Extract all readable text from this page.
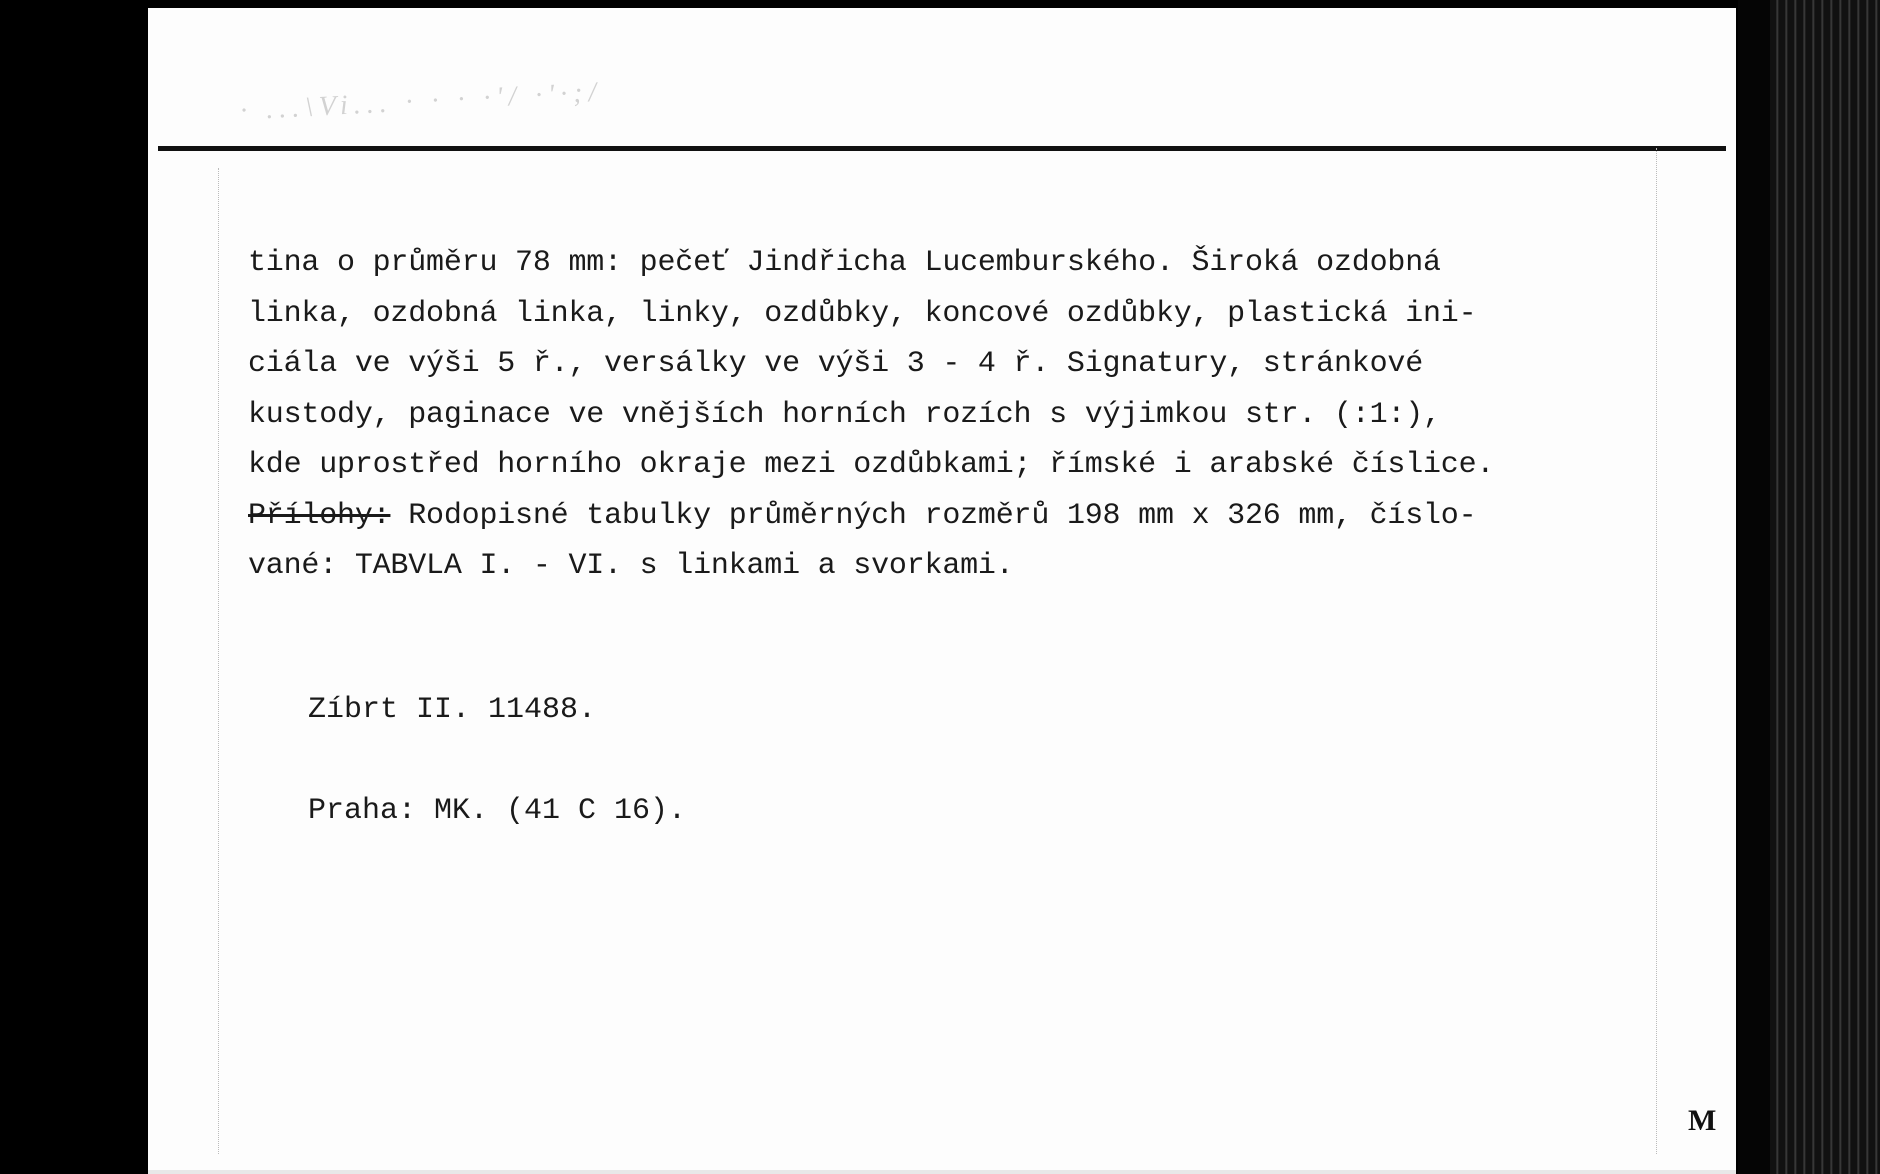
· ...\Vi... · · · ·'/ ·'·;/
tina o průměru 78 mm: pečeť Jindřicha Lucemburského. Široká ozdobná
linka, ozdobná linka, linky, ozdůbky, koncové ozdůbky, plastická ini-
ciála ve výši 5 ř., versálky ve výši 3 - 4 ř. Signatury, stránkové
kustody, paginace ve vnějších horních rozích s výjimkou str. (:1:),
kde uprostřed horního okraje mezi ozdůbkami; římské i arabské číslice.
Přílohy: Rodopisné tabulky průměrných rozměrů 198 mm x 326 mm, číslo-
vané: TABVLA I. - VI. s linkami a svorkami.
Zíbrt II. 11488.
Praha: MK. (41 C 16).
M
